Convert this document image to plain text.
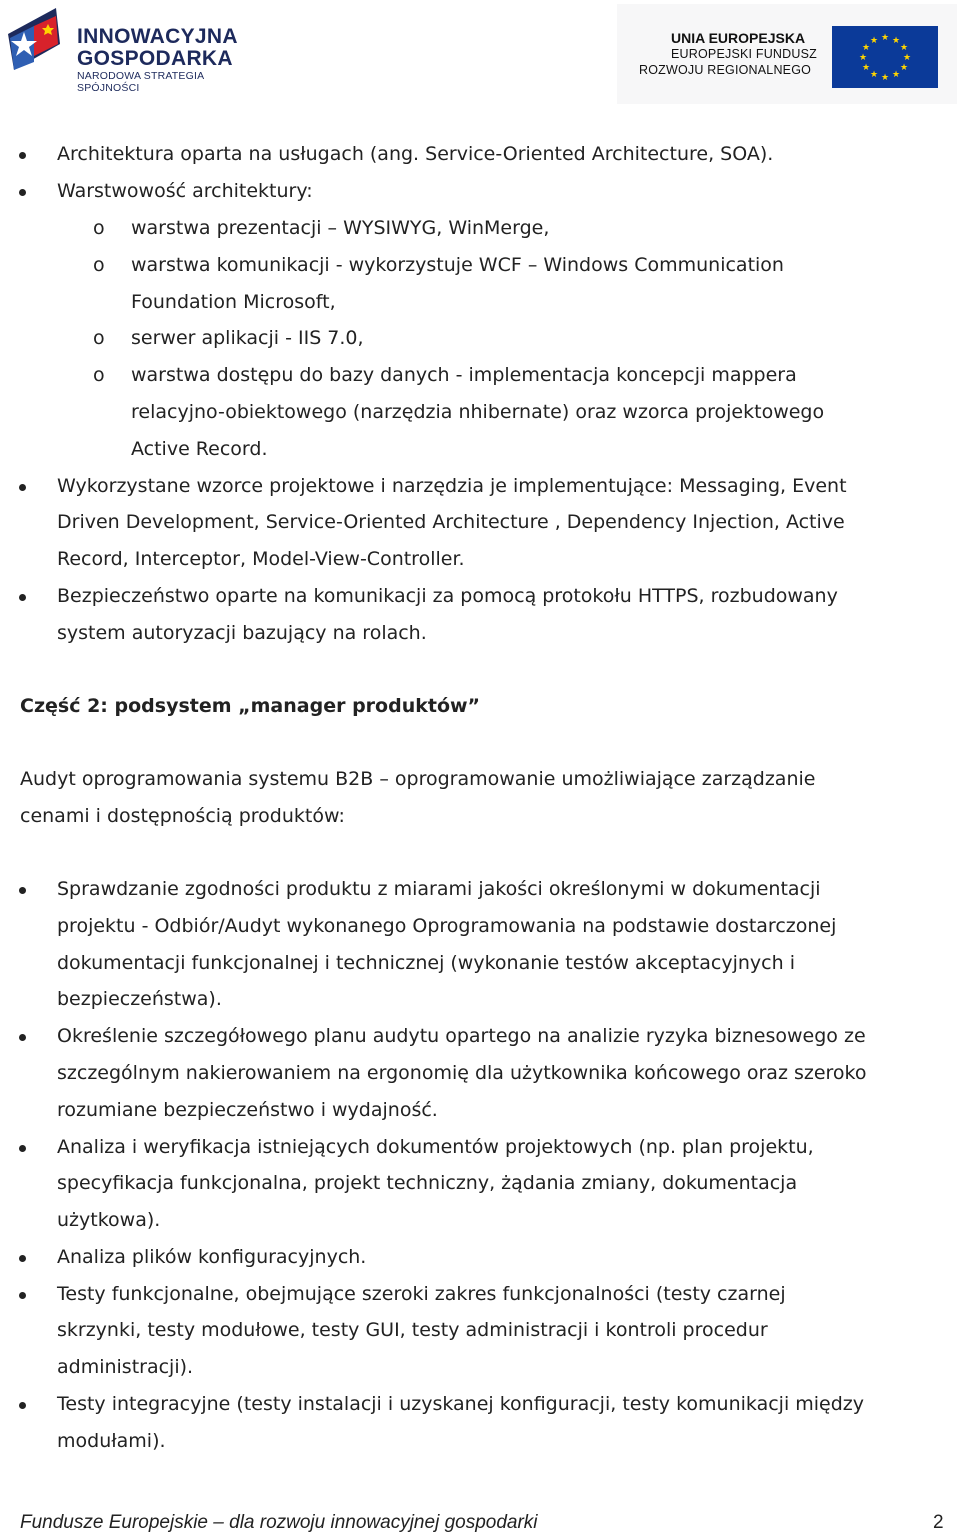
INNOWACYJNA
GOSPODARKA
NARODOWA STRATEGIA SPÓJNOŚCI
UNIA EUROPEJSKA
EUROPEJSKI FUNDUSZ
ROZWOJU REGIONALNEGO
★ ★
★
★
★
★
★
★
★
★
★
★
Architektura oparta na usługach (ang. Service-Oriented Architecture, SOA).
Warstwowość architektury:
o warstwa prezentacji – WYSIWYG, WinMerge,
o warstwa komunikacji - wykorzystuje WCF – Windows Communication
Foundation Microsoft,
o serwer aplikacji - IIS 7.0,
o warstwa dostępu do bazy danych - implementacja koncepcji mappera
relacyjno-obiektowego (narzędzia nhibernate) oraz wzorca projektowego
Active Record.
Wykorzystane wzorce projektowe i narzędzia je implementujące: Messaging, Event
Driven Development, Service-Oriented Architecture , Dependency Injection, Active
Record, Interceptor, Model-View-Controller.
Bezpieczeństwo oparte na komunikacji za pomocą protokołu HTTPS, rozbudowany
system autoryzacji bazujący na rolach.
Część 2: podsystem „manager produktów”
Audyt oprogramowania systemu B2B – oprogramowanie umożliwiające zarządzanie
cenami i dostępnością produktów:
Sprawdzanie zgodności produktu z miarami jakości określonymi w dokumentacji
projektu - Odbiór/Audyt wykonanego Oprogramowania na podstawie dostarczonej
dokumentacji funkcjonalnej i technicznej (wykonanie testów akceptacyjnych i
bezpieczeństwa).
Określenie szczegółowego planu audytu opartego na analizie ryzyka biznesowego ze
szczególnym nakierowaniem na ergonomię dla użytkownika końcowego oraz szeroko
rozumiane bezpieczeństwo i wydajność.
Analiza i weryfikacja istniejących dokumentów projektowych (np. plan projektu,
specyfikacja funkcjonalna, projekt techniczny, żądania zmiany, dokumentacja
użytkowa).
Analiza plików konfiguracyjnych.
Testy funkcjonalne, obejmujące szeroki zakres funkcjonalności (testy czarnej
skrzynki, testy modułowe, testy GUI, testy administracji i kontroli procedur
administracji).
Testy integracyjne (testy instalacji i uzyskanej konfiguracji, testy komunikacji między
modułami).
Fundusze Europejskie – dla rozwoju innowacyjnej gospodarki	2
